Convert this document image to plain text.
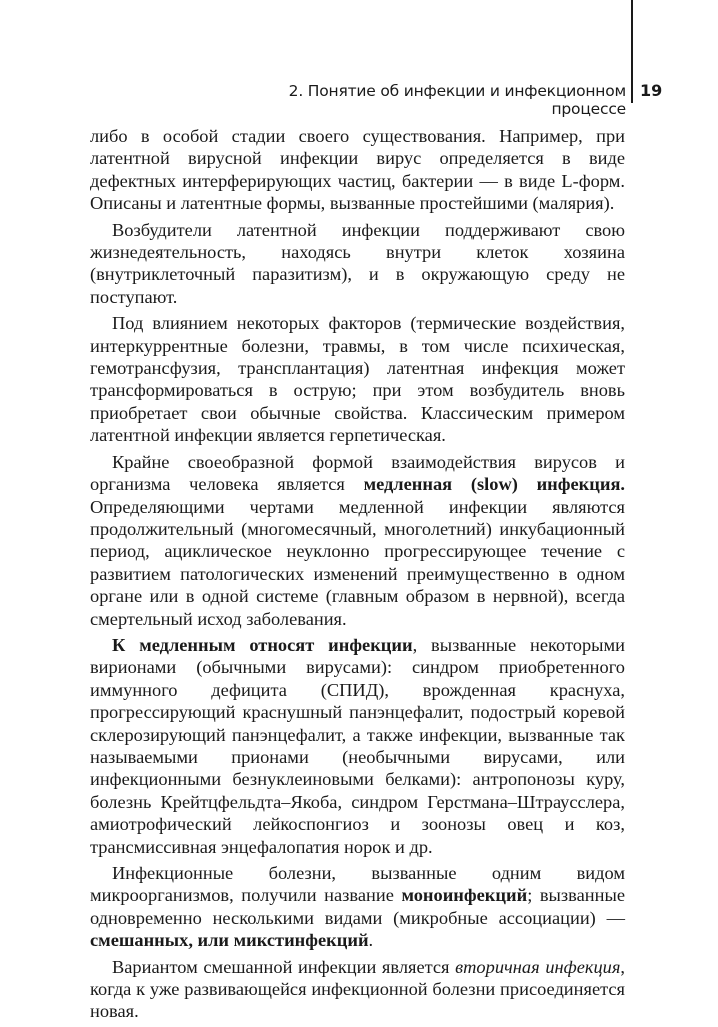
2. Понятие об инфекции и инфекционном процессе
19

либо в особой стадии своего существования. Например, при латентной вирусной инфекции вирус определяется в виде дефектных интерферирующих частиц, бактерии — в виде L-форм. Описаны и латентные формы, вызванные простейшими (малярия).

Возбудители латентной инфекции поддерживают свою жизнедеятельность, находясь внутри клеток хозяина (внутриклеточный паразитизм), и в окружающую среду не поступают.

Под влиянием некоторых факторов (термические воздействия, интеркуррентные болезни, травмы, в том числе психическая, гемотрансфузия, трансплантация) латентная инфекция может трансформироваться в острую; при этом возбудитель вновь приобретает свои обычные свойства. Классическим примером латентной инфекции является герпетическая.

Крайне своеобразной формой взаимодействия вирусов и организма человека является медленная (slow) инфекция. Определяющими чертами медленной инфекции являются продолжительный (многомесячный, многолетний) инкубационный период, ациклическое неуклонно прогрессирующее течение с развитием патологических изменений преимущественно в одном органе или в одной системе (главным образом в нервной), всегда смертельный исход заболевания.

К медленным относят инфекции, вызванные некоторыми вирионами (обычными вирусами): синдром приобретенного иммунного дефицита (СПИД), врожденная краснуха, прогрессирующий краснушный панэнцефалит, подострый коревой склерозирующий панэнцефалит, а также инфекции, вызванные так называемыми прионами (необычными вирусами, или инфекционными безнуклеиновыми белками): антропонозы куру, болезнь Крейтцфельдта–Якоба, синдром Герстмана–Штраусслера, амиотрофический лейкоспонгиоз и зоонозы овец и коз, трансмиссивная энцефалопатия норок и др.

Инфекционные болезни, вызванные одним видом микроорганизмов, получили название моноинфекций; вызванные одновременно несколькими видами (микробные ассоциации) — смешанных, или микстинфекций.

Вариантом смешанной инфекции является вторичная инфекция, когда к уже развивающейся инфекционной болезни присоединяется новая.
